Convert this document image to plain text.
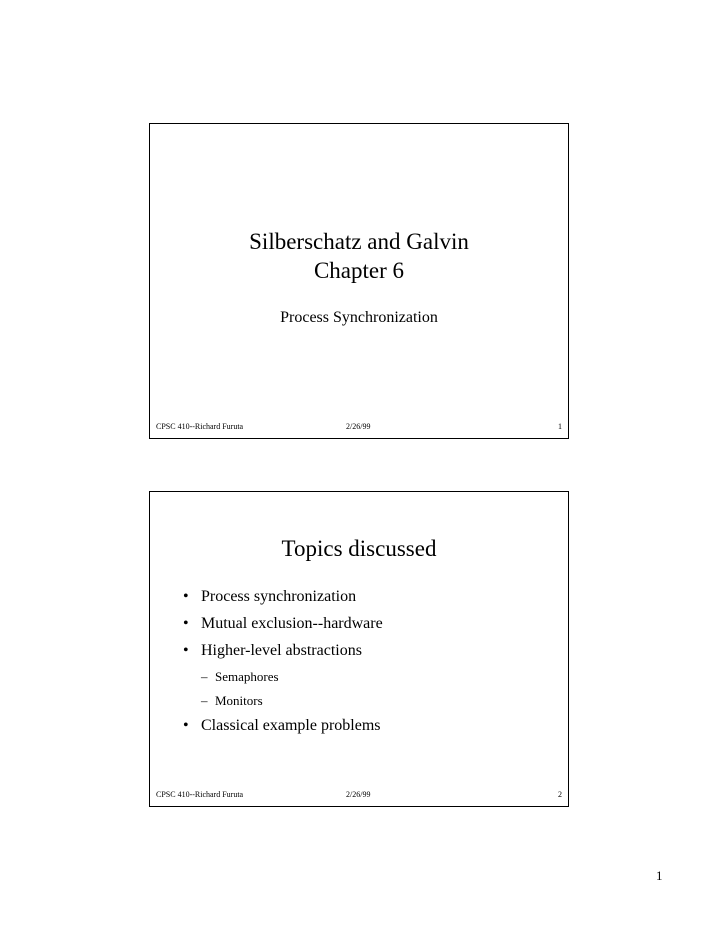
Silberschatz and Galvin
Chapter 6
Process Synchronization
CPSC 410--Richard Furuta	2/26/99	1
Topics discussed
• Process synchronization
• Mutual exclusion--hardware
• Higher-level abstractions
– Semaphores
– Monitors
• Classical example problems
CPSC 410--Richard Furuta	2/26/99	2
1
